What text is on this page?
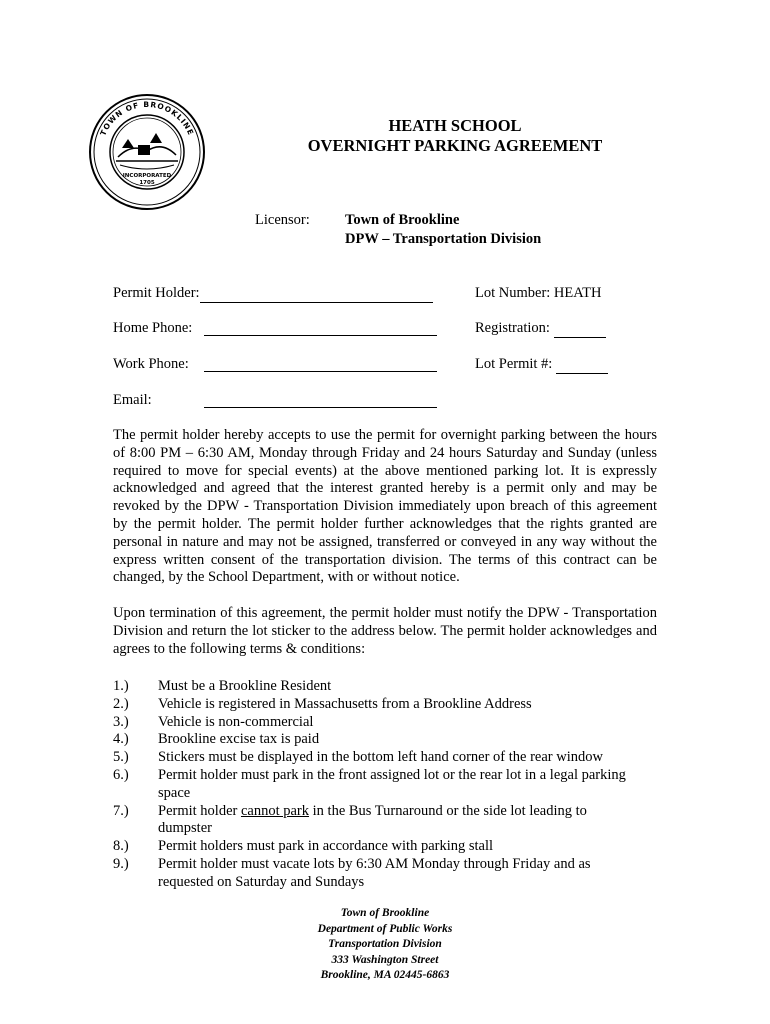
TOWN OF BROOKLINE
INCORPORATED
1705
HEATH SCHOOL
OVERNIGHT PARKING AGREEMENT
Licensor: Town of Brookline
DPW – Transportation Division
Permit Holder:	Lot Number: HEATH
Home Phone:	Registration:
Work Phone:	Lot Permit #:
Email:
The permit holder hereby accepts to use the permit for overnight parking between the hours of 8:00 PM – 6:30 AM, Monday through Friday and 24 hours Saturday and Sunday (unless required to move for special events) at the above mentioned parking lot. It is expressly acknowledged and agreed that the interest granted hereby is a permit only and may be revoked by the DPW - Transportation Division immediately upon breach of this agreement by the permit holder. The permit holder further acknowledges that the rights granted are personal in nature and may not be assigned, transferred or conveyed in any way without the express written consent of the transportation division. The terms of this contract can be changed, by the School Department, with or without notice.
Upon termination of this agreement, the permit holder must notify the DPW - Transportation Division and return the lot sticker to the address below. The permit holder acknowledges and agrees to the following terms & conditions:
1.)	Must be a Brookline Resident
2.)	Vehicle is registered in Massachusetts from a Brookline Address
3.)	Vehicle is non-commercial
4.)	Brookline excise tax is paid
5.)	Stickers must be displayed in the bottom left hand corner of the rear window
6.)	Permit holder must park in the front assigned lot or the rear lot in a legal parking space
7.)	Permit holder cannot park in the Bus Turnaround or the side lot leading to dumpster
8.)	Permit holders must park in accordance with parking stall
9.)	Permit holder must vacate lots by 6:30 AM Monday through Friday and as requested on Saturday and Sundays
Town of Brookline
Department of Public Works
Transportation Division
333 Washington Street
Brookline, MA 02445-6863
